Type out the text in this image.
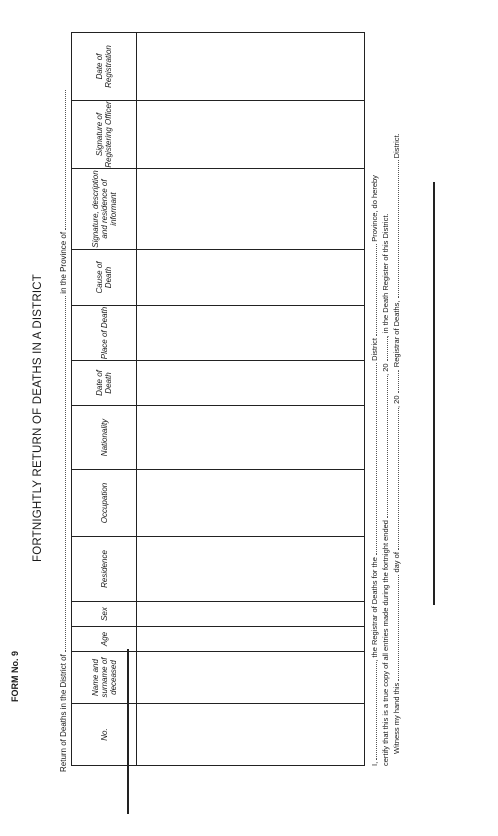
FORM No. 9
FORTNIGHTLY RETURN OF DEATHS IN A DISTRICT
Return of Deaths in the District of  in the Province of
No.	Name and surname of deceased	Age	Sex	Residence	Occupation	Nationality	Date of Death	Place of Death	Cause of Death	Signature, description and residence of informant	Signature of Registering Officer	Date of Registration

I, , the Registrar of Deaths for the  District  Province, do hereby
certify that this is a true copy of all entries made during the fortnight ended , 20 , in the Death Register of this District.
Witness my hand this  day of , 20 . Registrar of Deaths,  District.
